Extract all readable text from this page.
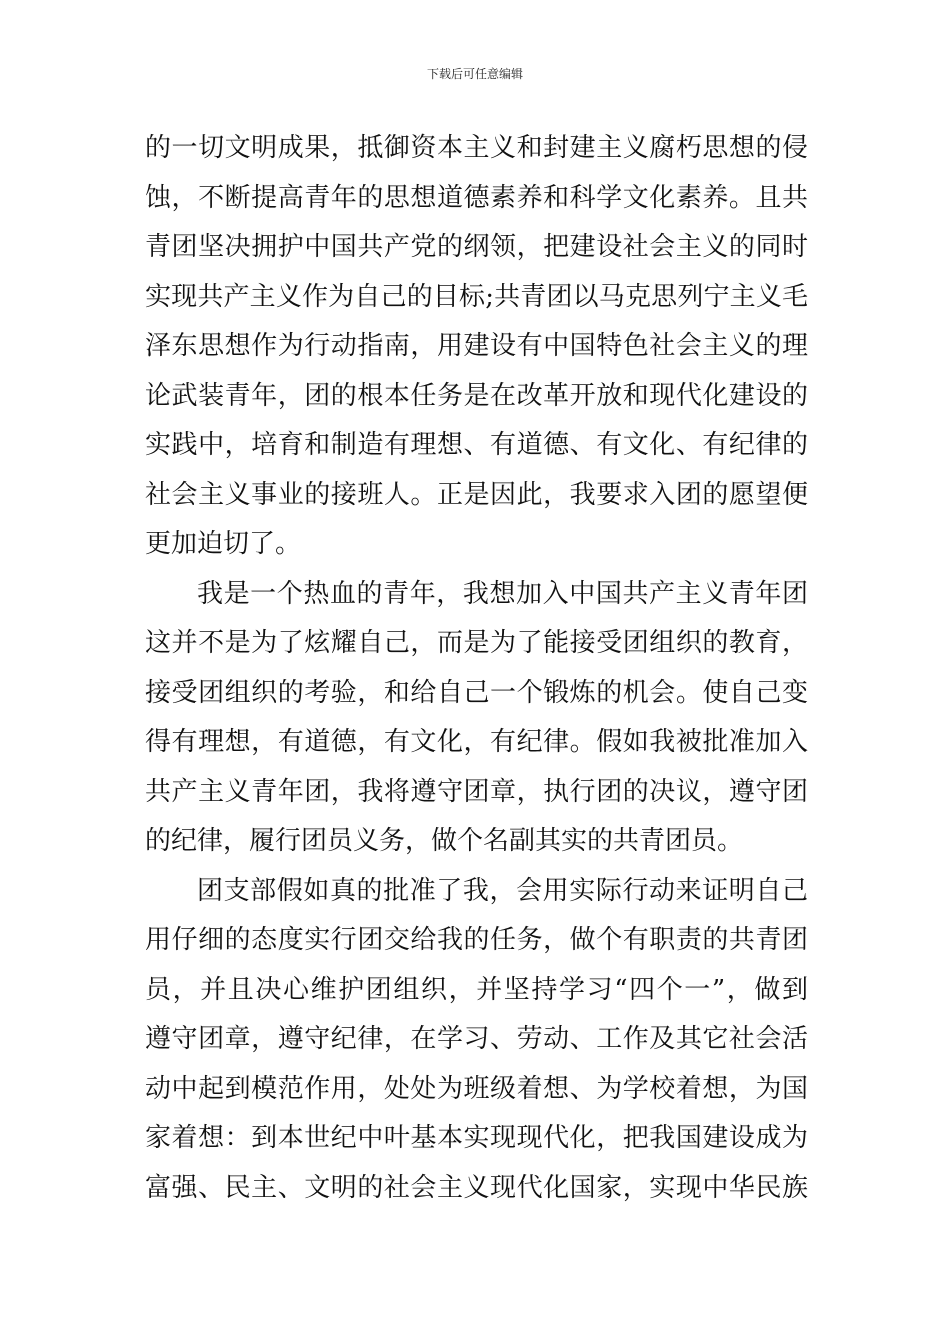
下载后可任意编辑
的一切文明成果，抵御资本主义和封建主义腐朽思想的侵
蚀，不断提高青年的思想道德素养和科学文化素养。且共
青团坚决拥护中国共产党的纲领，把建设社会主义的同时
实现共产主义作为自己的目标;共青团以马克思列宁主义毛
泽东思想作为行动指南，用建设有中国特色社会主义的理
论武装青年，团的根本任务是在改革开放和现代化建设的
实践中，培育和制造有理想、有道德、有文化、有纪律的
社会主义事业的接班人。正是因此，我要求入团的愿望便
更加迫切了。
我是一个热血的青年，我想加入中国共产主义青年团
这并不是为了炫耀自己，而是为了能接受团组织的教育，
接受团组织的考验，和给自己一个锻炼的机会。使自己变
得有理想，有道德，有文化，有纪律。假如我被批准加入
共产主义青年团，我将遵守团章，执行团的决议，遵守团
的纪律，履行团员义务，做个名副其实的共青团员。
团支部假如真的批准了我，会用实际行动来证明自己
用仔细的态度实行团交给我的任务，做个有职责的共青团
员，并且决心维护团组织，并坚持学习“四个一”，做到
遵守团章，遵守纪律，在学习、劳动、工作及其它社会活
动中起到模范作用，处处为班级着想、为学校着想，为国
家着想：到本世纪中叶基本实现现代化，把我国建设成为
富强、民主、文明的社会主义现代化国家，实现中华民族
